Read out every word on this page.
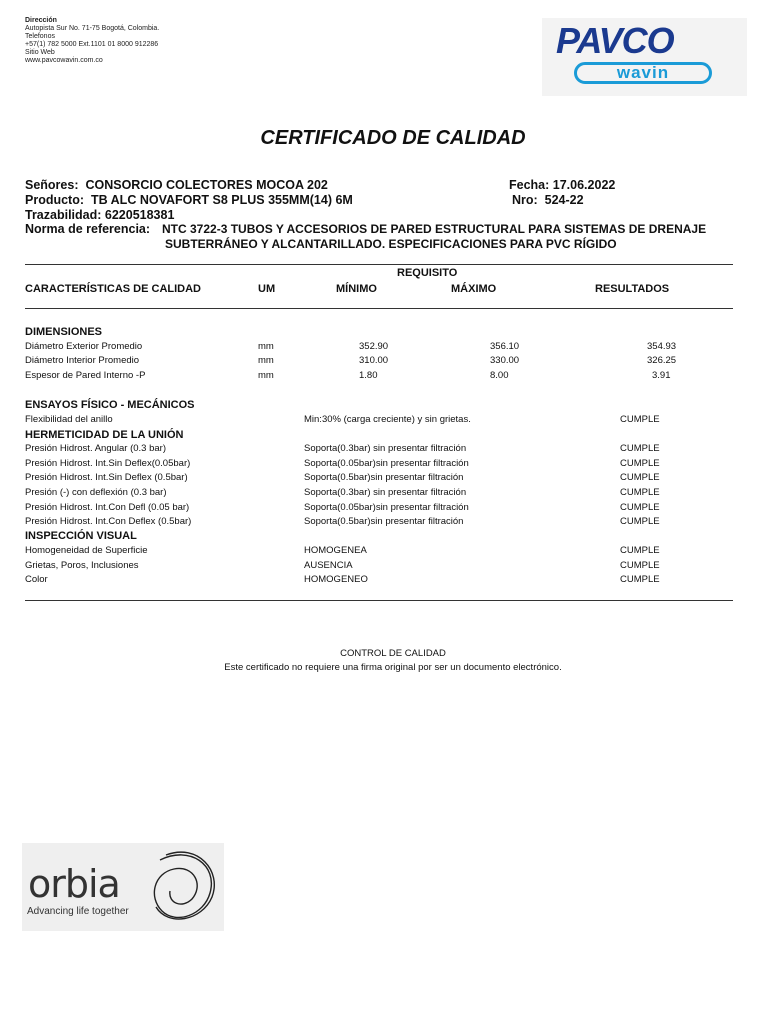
Dirección
Autopista Sur No. 71-75 Bogotá, Colombia.
Telefonos
+57(1) 782 5000 Ext.1101 01 8000 912286
Sitio Web
www.pavcowavin.com.co	PAVCO
wavin
CERTIFICADO DE CALIDAD
Señores: CONSORCIO COLECTORES MOCOA 202	Fecha: 17.06.2022
Producto: TB ALC NOVAFORT S8 PLUS 355MM(14) 6M	Nro: 524-22
Trazabilidad: 6220518381
Norma de referencia: NTC 3722-3 TUBOS Y ACCESORIOS DE PARED ESTRUCTURAL PARA SISTEMAS DE DRENAJE
SUBTERRÁNEO Y ALCANTARILLADO. ESPECIFICACIONES PARA PVC RÍGIDO
REQUISITO
CARACTERÍSTICAS DE CALIDAD	UM	MÍNIMO	MÁXIMO	RESULTADOS
DIMENSIONES
Diámetro Exterior Promedio	mm	352.90	356.10	354.93
Diámetro Interior Promedio	mm	310.00	330.00	326.25
Espesor de Pared Interno -P	mm	1.80	8.00	3.91
ENSAYOS FÍSICO - MECÁNICOS
Flexibilidad del anillo	Min:30% (carga creciente) y sin grietas.	CUMPLE
HERMETICIDAD DE LA UNIÓN
Presión Hidrost. Angular (0.3 bar)	Soporta(0.3bar) sin presentar filtración	CUMPLE
Presión Hidrost. Int.Sin Deflex(0.05bar)	Soporta(0.05bar)sin presentar filtración	CUMPLE
Presión Hidrost. Int.Sin Deflex (0.5bar)	Soporta(0.5bar)sin presentar filtración	CUMPLE
Presión (-) con deflexión (0.3 bar)	Soporta(0.3bar) sin presentar filtración	CUMPLE
Presión Hidrost. Int.Con Defl (0.05 bar)	Soporta(0.05bar)sin presentar filtración	CUMPLE
Presión Hidrost. Int.Con Deflex (0.5bar)	Soporta(0.5bar)sin presentar filtración	CUMPLE
INSPECCIÓN VISUAL
Homogeneidad de Superficie	HOMOGENEA	CUMPLE
Grietas, Poros, Inclusiones	AUSENCIA	CUMPLE
Color	HOMOGENEO	CUMPLE
CONTROL DE CALIDAD
Este certificado no requiere una firma original por ser un documento electrónico.
orbia
Advancing life together
